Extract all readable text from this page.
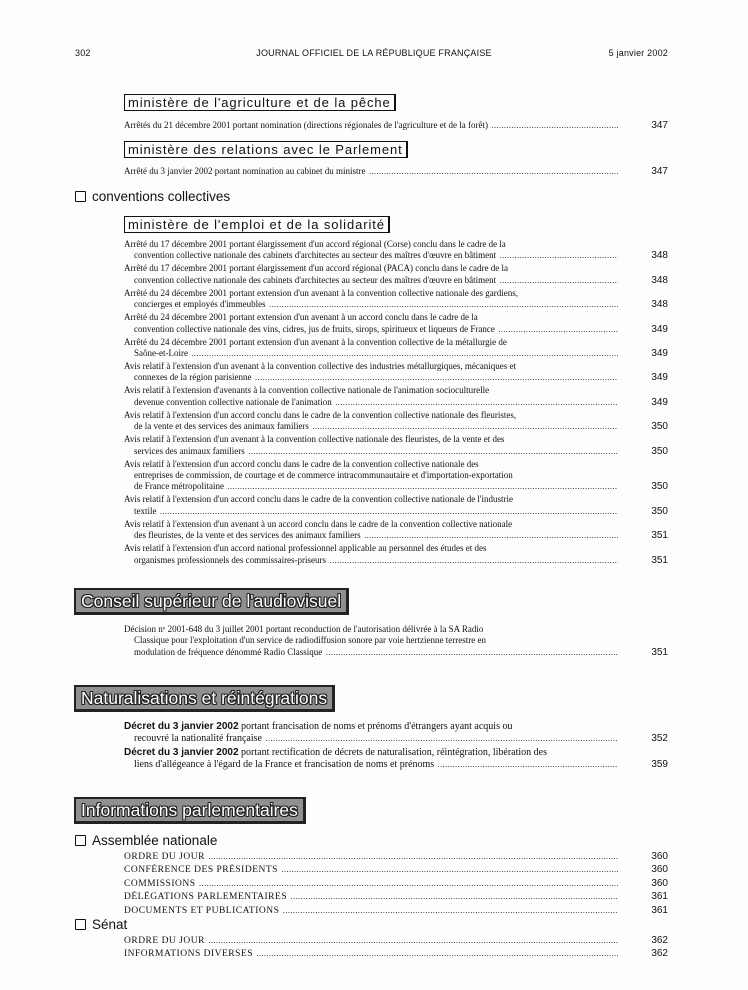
302	JOURNAL OFFICIEL DE LA RÉPUBLIQUE FRANÇAISE	5 janvier 2002
ministère de l'agriculture et de la pêche
Arrêtés du 21 décembre 2001 portant nomination (directions régionales de l'agriculture et de la forêt) .....	347
ministère des relations avec le Parlement
Arrêté du 3 janvier 2002 portant nomination au cabinet du ministre .....	347
conventions collectives
ministère de l'emploi et de la solidarité
Arrêté du 17 décembre 2001 portant élargissement d'un accord régional (Corse) conclu dans le cadre de la
convention collective nationale des cabinets d'architectes au secteur des maîtres d'œuvre en bâtiment .....	348
Arrêté du 17 décembre 2001 portant élargissement d'un accord régional (PACA) conclu dans le cadre de la
convention collective nationale des cabinets d'architectes au secteur des maîtres d'œuvre en bâtiment .....	348
Arrêté du 24 décembre 2001 portant extension d'un avenant à la convention collective nationale des gardiens,
concierges et employés d'immeubles .....	348
Arrêté du 24 décembre 2001 portant extension d'un avenant à un accord conclu dans le cadre de la
convention collective nationale des vins, cidres, jus de fruits, sirops, spiritueux et liqueurs de France .....	349
Arrêté du 24 décembre 2001 portant extension d'un avenant à la convention collective de la métallurgie de
Saône-et-Loire .....	349
Avis relatif à l'extension d'un avenant à la convention collective des industries métallurgiques, mécaniques et
connexes de la région parisienne .....	349
Avis relatif à l'extension d'avenants à la convention collective nationale de l'animation socioculturelle
devenue convention collective nationale de l'animation .....	349
Avis relatif à l'extension d'un accord conclu dans le cadre de la convention collective nationale des fleuristes,
de la vente et des services des animaux familiers .....	350
Avis relatif à l'extension d'un avenant à la convention collective nationale des fleuristes, de la vente et des
services des animaux familiers .....	350
Avis relatif à l'extension d'un accord conclu dans le cadre de la convention collective nationale des
entreprises de commission, de courtage et de commerce intracommunautaire et d'importation-exportation
de France métropolitaine .....	350
Avis relatif à l'extension d'un accord conclu dans le cadre de la convention collective nationale de l'industrie
textile .....	350
Avis relatif à l'extension d'un avenant à un accord conclu dans le cadre de la convention collective nationale
des fleuristes, de la vente et des services des animaux familiers .....	351
Avis relatif à l'extension d'un accord national professionnel applicable au personnel des études et des
organismes professionnels des commissaires-priseurs .....	351
Conseil supérieur de l'audiovisuel
Décision nᵒ 2001-648 du 3 juillet 2001 portant reconduction de l'autorisation délivrée à la SA Radio
Classique pour l'exploitation d'un service de radiodiffusion sonore par voie hertzienne terrestre en
modulation de fréquence dénommé Radio Classique .....	351
Naturalisations et réintégrations
Décret du 3 janvier 2002 portant francisation de noms et prénoms d'étrangers ayant acquis ou
recouvré la nationalité française .....	352
Décret du 3 janvier 2002 portant rectification de décrets de naturalisation, réintégration, libération des
liens d'allégeance à l'égard de la France et francisation de noms et prénoms .....	359
Informations parlementaires
Assemblée nationale
ORDRE DU JOUR .....	360
CONFÉRENCE DES PRÉSIDENTS .....	360
COMMISSIONS .....	360
DÉLÉGATIONS PARLEMENTAIRES .....	361
DOCUMENTS ET PUBLICATIONS .....	361
Sénat
ORDRE DU JOUR .....	362
INFORMATIONS DIVERSES .....	362
